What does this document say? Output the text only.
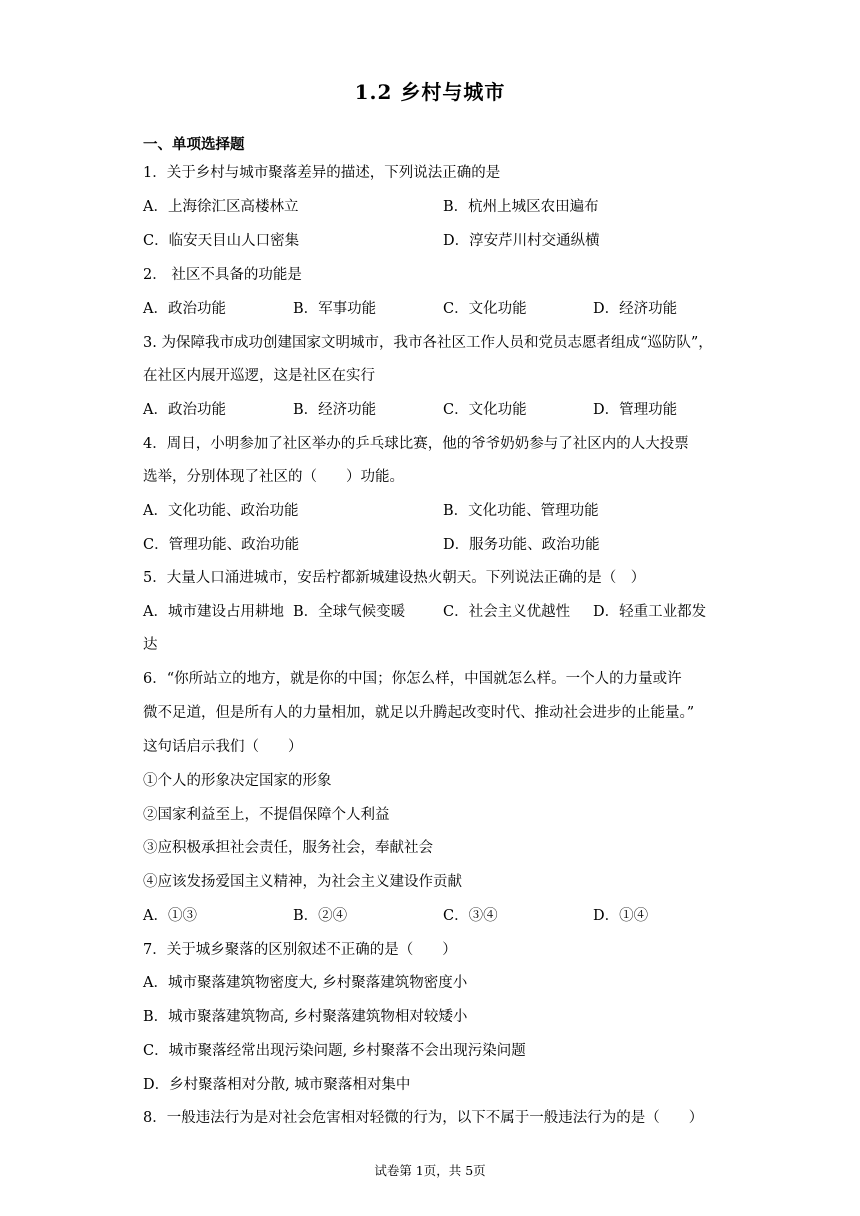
1.2 乡村与城市
一、单项选择题
1．关于乡村与城市聚落差异的描述，下列说法正确的是
A．上海徐汇区高楼林立	B．杭州上城区农田遍布
C．临安天目山人口密集	D．淳安芹川村交通纵横
2． 社区不具备的功能是
A．政治功能	B．军事功能	C．文化功能	D．经济功能
3. 为保障我市成功创建国家文明城市，我市各社区工作人员和党员志愿者组成“巡防队”，
在社区内展开巡逻，这是社区在实行
A．政治功能	B．经济功能	C．文化功能	D．管理功能
4．周日，小明参加了社区举办的乒乓球比赛，他的爷爷奶奶参与了社区内的人大投票
选举，分别体现了社区的（　　）功能。
A．文化功能、政治功能	B．文化功能、管理功能
C．管理功能、政治功能	D．服务功能、政治功能
5．大量人口涌进城市，安岳柠都新城建设热火朝天。下列说法正确的是（　）
A．城市建设占用耕地 B．全球气候变暖	C．社会主义优越性 D．轻重工业都发
达
6．“你所站立的地方，就是你的中国；你怎么样，中国就怎么样。一个人的力量或许
微不足道，但是所有人的力量相加，就足以升腾起改变时代、推动社会进步的止能量。”
这句话启示我们（　　）
①个人的形象决定国家的形象
②国家利益至上，不提倡保障个人利益
③应积极承担社会责任，服务社会，奉献社会
④应该发扬爱国主义精神，为社会主义建设作贡献
A．①③	B．②④	C．③④	D．①④
7．关于城乡聚落的区别叙述不正确的是（　　）
A．城市聚落建筑物密度大, 乡村聚落建筑物密度小
B．城市聚落建筑物高, 乡村聚落建筑物相对较矮小
C．城市聚落经常出现污染问题, 乡村聚落不会出现污染问题
D．乡村聚落相对分散, 城市聚落相对集中
8．一般违法行为是对社会危害相对轻微的行为，以下不属于一般违法行为的是（　　）
试卷第 1页，共 5页
